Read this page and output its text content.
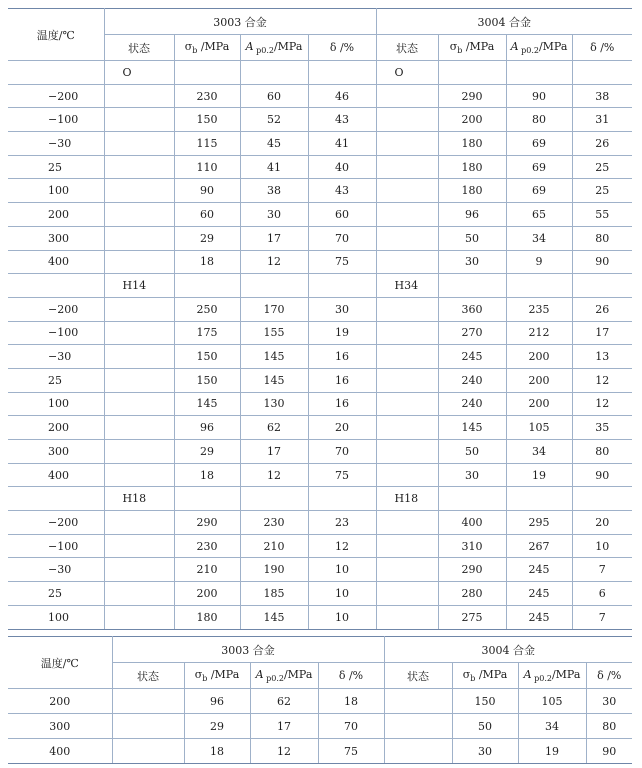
温度/℃	3003 合金				3004 合金			
	状态	$\sigma_b$ /MPa	A $_{p0.2}$/MPa	δ /%	状态	$\sigma_b$ /MPa	A $_{p0.2}$/MPa	δ /%
	O				O			
−200		230	60	46		290	90	38
−100		150	52	43		200	80	31
−30		115	45	41		180	69	26
25		110	41	40		180	69	25
100		90	38	43		180	69	25
200		60	30	60		96	65	55
300		29	17	70		50	34	80
400		18	12	75		30	9	90
	H14				H34			
−200		250	170	30		360	235	26
−100		175	155	19		270	212	17
−30		150	145	16		245	200	13
25		150	145	16		240	200	12
100		145	130	16		240	200	12
200		96	62	20		145	105	35
300		29	17	70		50	34	80
400		18	12	75		30	19	90
	H18				H18			
−200		290	230	23		400	295	20
−100		230	210	12		310	267	10
−30		210	190	10		290	245	7
25		200	185	10		280	245	6
100		180	145	10		275	245	7
温度/℃	3003 合金				3004 合金			
	状态	$\sigma_b$ /MPa	A $_{p0.2}$/MPa	δ /%	状态	$\sigma_b$ /MPa	A $_{p0.2}$/MPa	δ /%
200		96	62	18		150	105	30
300		29	17	70		50	34	80
400		18	12	75		30	19	90
